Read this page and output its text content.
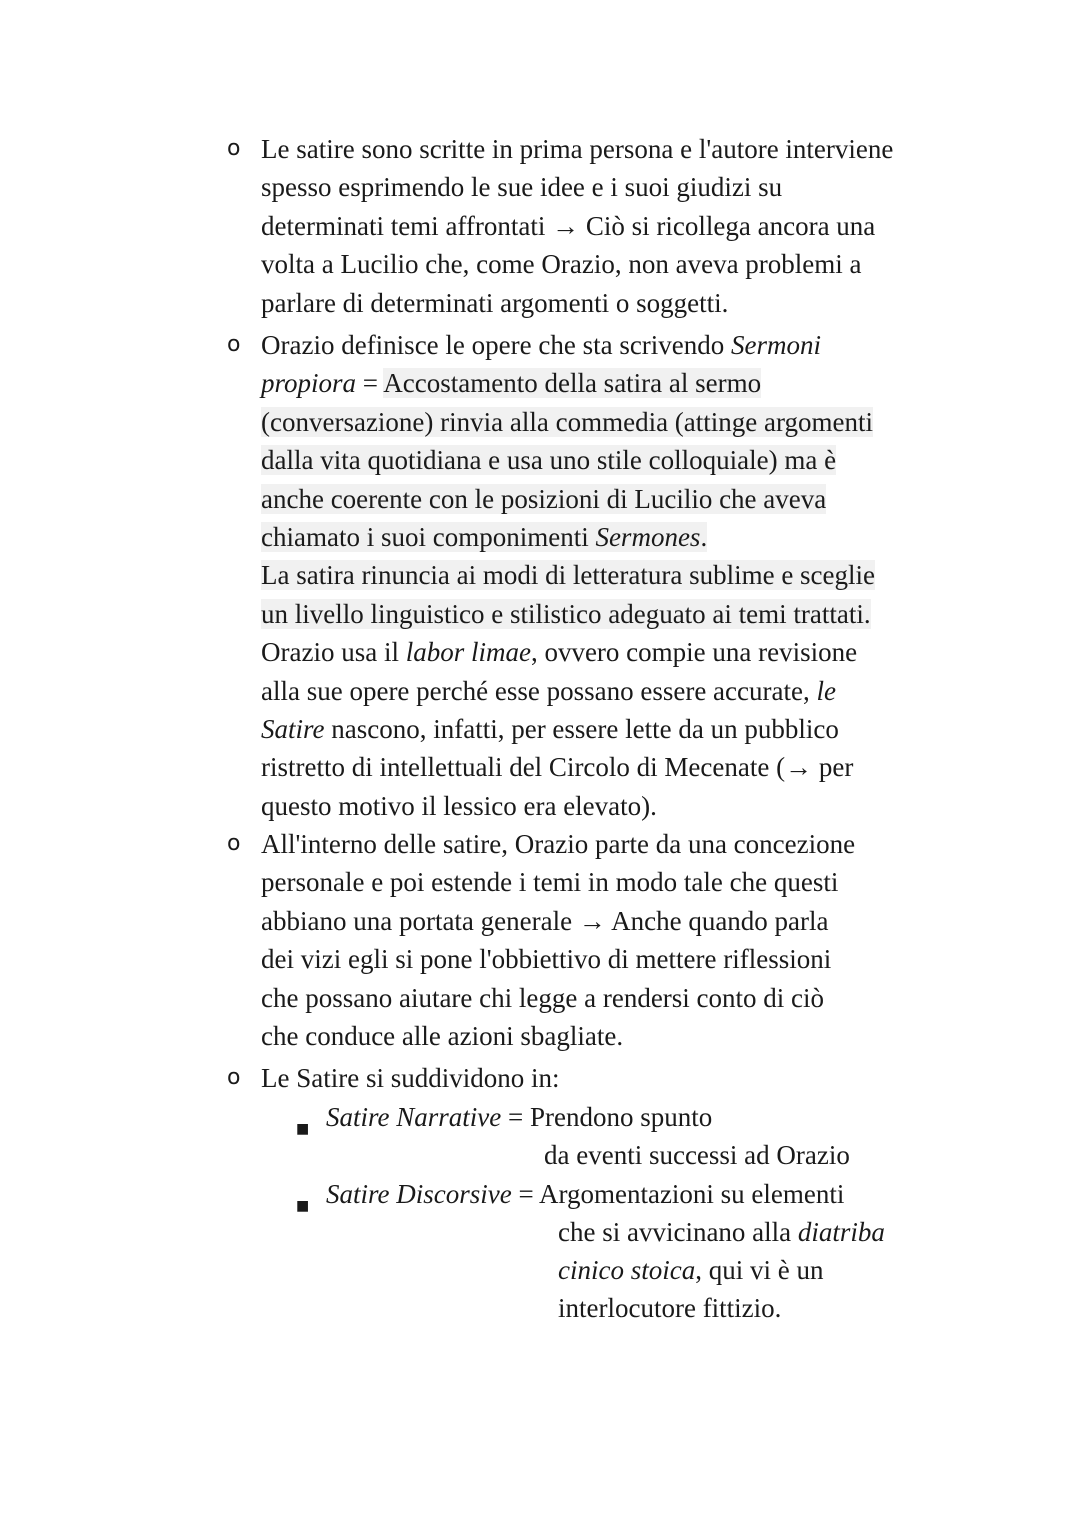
o Le satire sono scritte in prima persona e l'autore interviene
spesso esprimendo le sue idee e i suoi giudizi su
determinati temi affrontati → Ciò si ricollega ancora una
volta a Lucilio che, come Orazio, non aveva problemi a
parlare di determinati argomenti o soggetti.
o Orazio definisce le opere che sta scrivendo Sermoni
propiora = Accostamento della satira al sermo
(conversazione) rinvia alla commedia (attinge argomenti
dalla vita quotidiana e usa uno stile colloquiale) ma è
anche coerente con le posizioni di Lucilio che aveva
chiamato i suoi componimenti Sermones.
La satira rinuncia ai modi di letteratura sublime e sceglie
un livello linguistico e stilistico adeguato ai temi trattati.
Orazio usa il labor limae, ovvero compie una revisione
alla sue opere perché esse possano essere accurate, le
Satire nascono, infatti, per essere lette da un pubblico
ristretto di intellettuali del Circolo di Mecenate (→ per
questo motivo il lessico era elevato).
o All'interno delle satire, Orazio parte da una concezione
personale e poi estende i temi in modo tale che questi
abbiano una portata generale → Anche quando parla
dei vizi egli si pone l'obbiettivo di mettere riflessioni
che possano aiutare chi legge a rendersi conto di ciò
che conduce alle azioni sbagliate.
o Le Satire si suddividono in:
■ Satire Narrative = Prendono spunto
da eventi successi ad Orazio
■ Satire Discorsive = Argomentazioni su elementi
che si avvicinano alla diatriba
cinico stoica, qui vi è un
interlocutore fittizio.
